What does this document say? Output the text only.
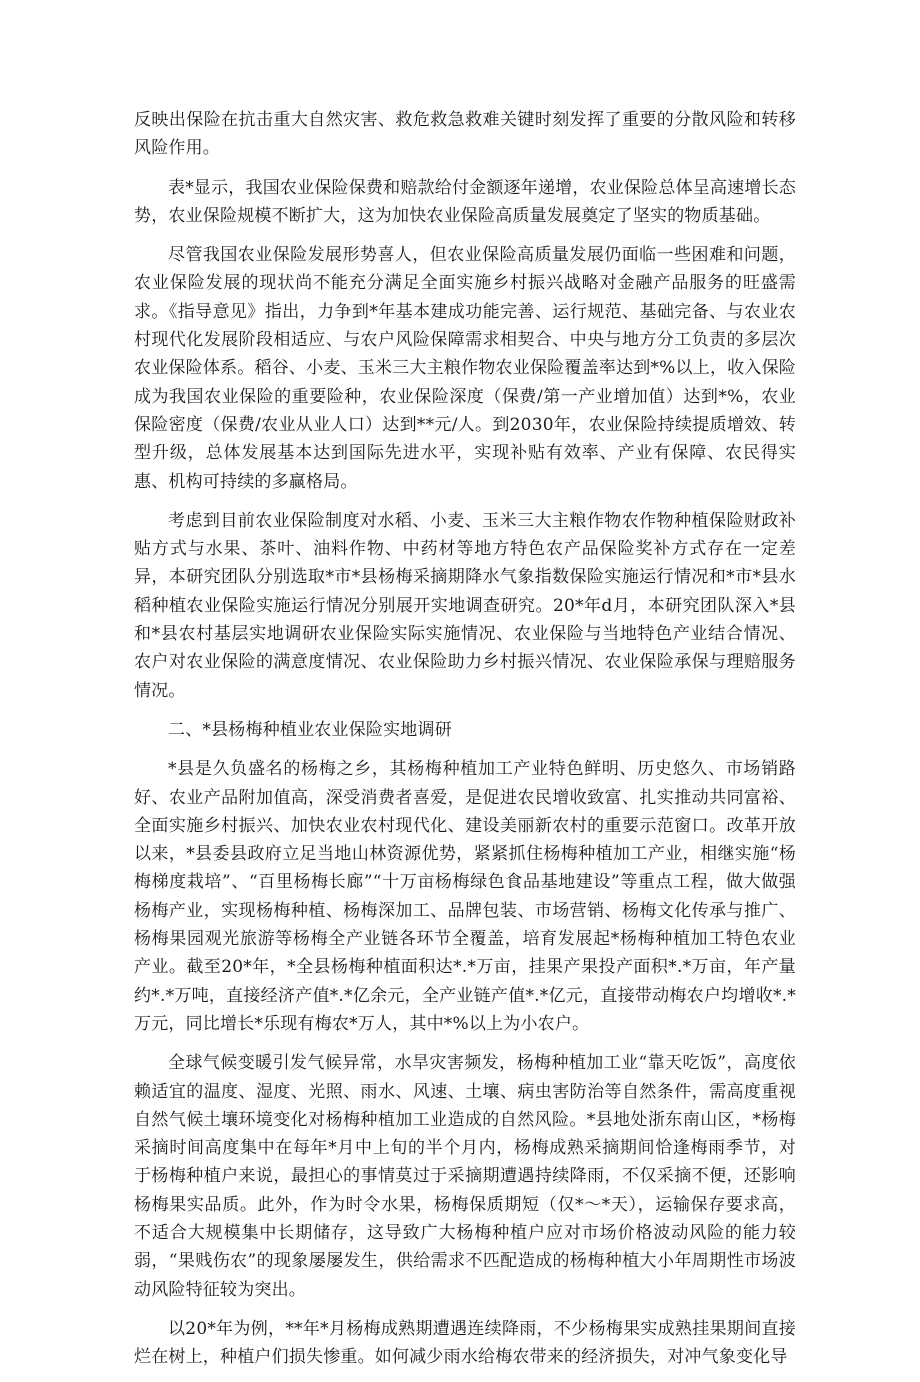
反映出保险在抗击重大自然灾害、救危救急救难关键时刻发挥了重要的分散风险和转移风险作用。

表*显示，我国农业保险保费和赔款给付金额逐年递增，农业保险总体呈高速增长态势，农业保险规模不断扩大，这为加快农业保险高质量发展奠定了坚实的物质基础。

尽管我国农业保险发展形势喜人，但农业保险高质量发展仍面临一些困难和问题，农业保险发展的现状尚不能充分满足全面实施乡村振兴战略对金融产品服务的旺盛需求。《指导意见》指出，力争到*年基本建成功能完善、运行规范、基础完备、与农业农村现代化发展阶段相适应、与农户风险保障需求相契合、中央与地方分工负责的多层次农业保险体系。稻谷、小麦、玉米三大主粮作物农业保险覆盖率达到*%以上，收入保险成为我国农业保险的重要险种，农业保险深度（保费/第一产业增加值）达到*%，农业保险密度（保费/农业从业人口）达到**元/人。到2030年，农业保险持续提质增效、转型升级，总体发展基本达到国际先进水平，实现补贴有效率、产业有保障、农民得实惠、机构可持续的多赢格局。

考虑到目前农业保险制度对水稻、小麦、玉米三大主粮作物农作物种植保险财政补贴方式与水果、茶叶、油料作物、中药材等地方特色农产品保险奖补方式存在一定差异，本研究团队分别选取*市*县杨梅采摘期降水气象指数保险实施运行情况和*市*县水稻种植农业保险实施运行情况分别展开实地调查研究。20*年d月，本研究团队深入*县和*县农村基层实地调研农业保险实际实施情况、农业保险与当地特色产业结合情况、农户对农业保险的满意度情况、农业保险助力乡村振兴情况、农业保险承保与理赔服务情况。

二、*县杨梅种植业农业保险实地调研

*县是久负盛名的杨梅之乡，其杨梅种植加工产业特色鲜明、历史悠久、市场销路好、农业产品附加值高，深受消费者喜爱，是促进农民增收致富、扎实推动共同富裕、全面实施乡村振兴、加快农业农村现代化、建设美丽新农村的重要示范窗口。改革开放以来，*县委县政府立足当地山林资源优势，紧紧抓住杨梅种植加工产业，相继实施“杨梅梯度栽培”、“百里杨梅长廊”“十万亩杨梅绿色食品基地建设”等重点工程，做大做强杨梅产业，实现杨梅种植、杨梅深加工、品牌包装、市场营销、杨梅文化传承与推广、杨梅果园观光旅游等杨梅全产业链各环节全覆盖，培育发展起*杨梅种植加工特色农业产业。截至20*年，*全县杨梅种植面积达*.*万亩，挂果产果投产面积*.*万亩，年产量约*.*万吨，直接经济产值*.*亿余元，全产业链产值*.*亿元，直接带动梅农户均增收*.*万元，同比增长*乐现有梅农*万人，其中*%以上为小农户。

全球气候变暖引发气候异常，水旱灾害频发，杨梅种植加工业“靠天吃饭”，高度依赖适宜的温度、湿度、光照、雨水、风速、土壤、病虫害防治等自然条件，需高度重视自然气候土壤环境变化对杨梅种植加工业造成的自然风险。*县地处浙东南山区，*杨梅采摘时间高度集中在每年*月中上旬的半个月内，杨梅成熟采摘期间恰逢梅雨季节，对于杨梅种植户来说，最担心的事情莫过于采摘期遭遇持续降雨，不仅采摘不便，还影响杨梅果实品质。此外，作为时令水果，杨梅保质期短（仅*～*天），运输保存要求高，不适合大规模集中长期储存，这导致广大杨梅种植户应对市场价格波动风险的能力较弱，“果贱伤农”的现象屡屡发生，供给需求不匹配造成的杨梅种植大小年周期性市场波动风险特征较为突出。

以20*年为例，**年*月杨梅成熟期遭遇连续降雨，不少杨梅果实成熟挂果期间直接烂在树上，种植户们损失惨重。如何减少雨水给梅农带来的经济损失，对冲气象变化导
